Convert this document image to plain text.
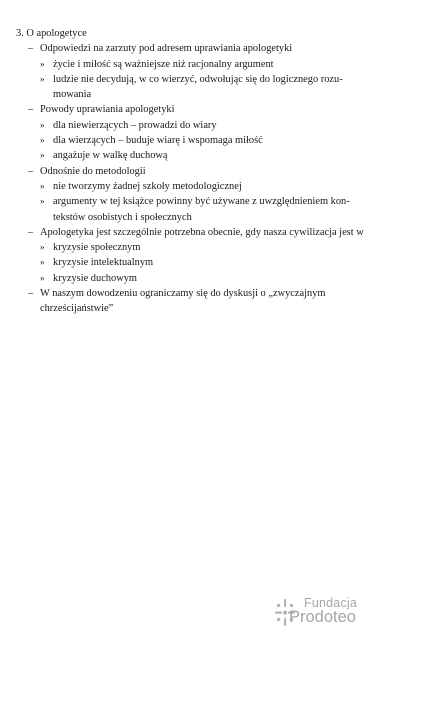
3. O apologetyce
– Odpowiedzi na zarzuty pod adresem uprawiania apologetyki
» życie i miłość są ważniejsze niż racjonalny argument
» ludzie nie decydują, w co wierzyć, odwołując się do logicznego rozu-mowania
– Powody uprawiania apologetyki
» dla niewierzących – prowadzi do wiary
» dla wierzących – buduje wiarę i wspomaga miłość
» angażuje w walkę duchową
– Odnośnie do metodologii
» nie tworzymy żadnej szkoły metodologicznej
» argumenty w tej książce powinny być używane z uwzględnieniem kon-tekstów osobistych i społecznych
– Apologetyka jest szczególnie potrzebna obecnie, gdy nasza cywilizacja jest w
» kryzysie społecznym
» kryzysie intelektualnym
» kryzysie duchowym
– W naszym dowodzeniu ograniczamy się do dyskusji o „zwyczajnym chrześcijaństwie”
Fundacja
Prodoteo
